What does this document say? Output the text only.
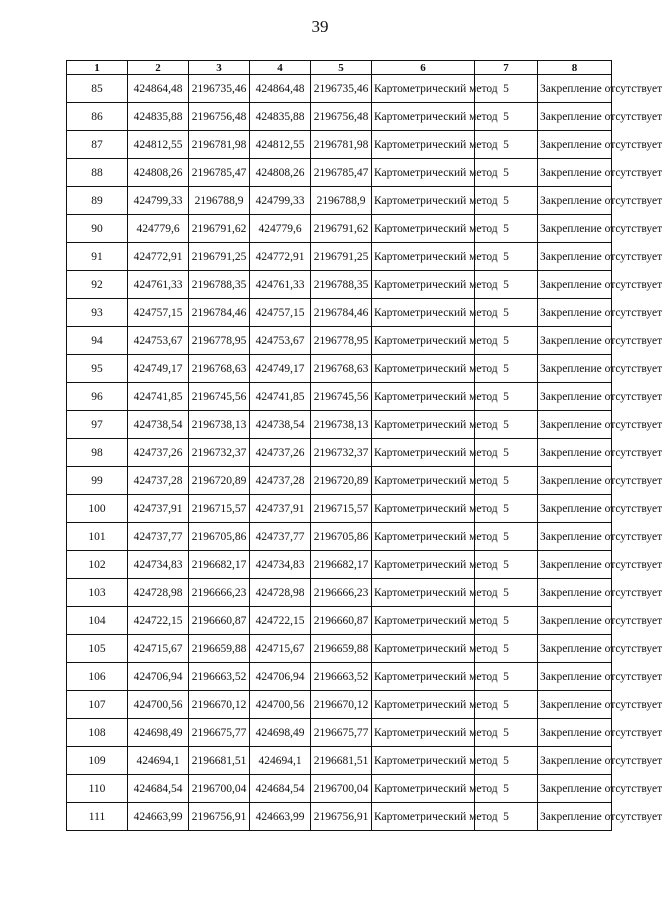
39
1	2	3	4	5	6	7	8
85	424864,48	2196735,46	424864,48	2196735,46	Картометрический метод	5	Закрепление отсутствует
86	424835,88	2196756,48	424835,88	2196756,48	Картометрический метод	5	Закрепление отсутствует
87	424812,55	2196781,98	424812,55	2196781,98	Картометрический метод	5	Закрепление отсутствует
88	424808,26	2196785,47	424808,26	2196785,47	Картометрический метод	5	Закрепление отсутствует
89	424799,33	2196788,9	424799,33	2196788,9	Картометрический метод	5	Закрепление отсутствует
90	424779,6	2196791,62	424779,6	2196791,62	Картометрический метод	5	Закрепление отсутствует
91	424772,91	2196791,25	424772,91	2196791,25	Картометрический метод	5	Закрепление отсутствует
92	424761,33	2196788,35	424761,33	2196788,35	Картометрический метод	5	Закрепление отсутствует
93	424757,15	2196784,46	424757,15	2196784,46	Картометрический метод	5	Закрепление отсутствует
94	424753,67	2196778,95	424753,67	2196778,95	Картометрический метод	5	Закрепление отсутствует
95	424749,17	2196768,63	424749,17	2196768,63	Картометрический метод	5	Закрепление отсутствует
96	424741,85	2196745,56	424741,85	2196745,56	Картометрический метод	5	Закрепление отсутствует
97	424738,54	2196738,13	424738,54	2196738,13	Картометрический метод	5	Закрепление отсутствует
98	424737,26	2196732,37	424737,26	2196732,37	Картометрический метод	5	Закрепление отсутствует
99	424737,28	2196720,89	424737,28	2196720,89	Картометрический метод	5	Закрепление отсутствует
100	424737,91	2196715,57	424737,91	2196715,57	Картометрический метод	5	Закрепление отсутствует
101	424737,77	2196705,86	424737,77	2196705,86	Картометрический метод	5	Закрепление отсутствует
102	424734,83	2196682,17	424734,83	2196682,17	Картометрический метод	5	Закрепление отсутствует
103	424728,98	2196666,23	424728,98	2196666,23	Картометрический метод	5	Закрепление отсутствует
104	424722,15	2196660,87	424722,15	2196660,87	Картометрический метод	5	Закрепление отсутствует
105	424715,67	2196659,88	424715,67	2196659,88	Картометрический метод	5	Закрепление отсутствует
106	424706,94	2196663,52	424706,94	2196663,52	Картометрический метод	5	Закрепление отсутствует
107	424700,56	2196670,12	424700,56	2196670,12	Картометрический метод	5	Закрепление отсутствует
108	424698,49	2196675,77	424698,49	2196675,77	Картометрический метод	5	Закрепление отсутствует
109	424694,1	2196681,51	424694,1	2196681,51	Картометрический метод	5	Закрепление отсутствует
110	424684,54	2196700,04	424684,54	2196700,04	Картометрический метод	5	Закрепление отсутствует
111	424663,99	2196756,91	424663,99	2196756,91	Картометрический метод	5	Закрепление отсутствует
